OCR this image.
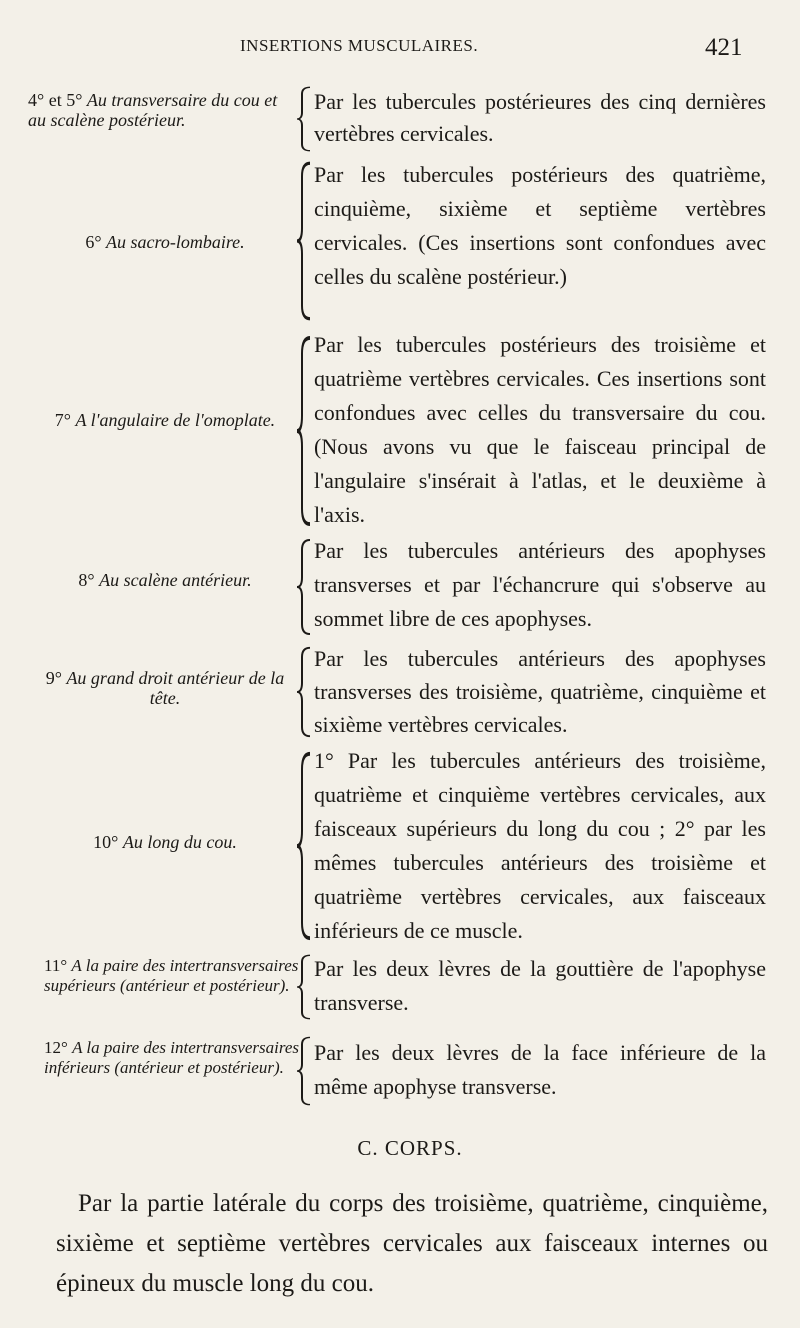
INSERTIONS MUSCULAIRES.	421
4° et 5° Au transversaire du cou et au scalène postérieur.
Par les tubercules postérieures des cinq dernières vertèbres cervicales.
6° Au sacro-lombaire.
Par les tubercules postérieurs des quatrième, cinquième, sixième et septième vertèbres cervicales. (Ces insertions sont confondues avec celles du scalène postérieur.)
7° A l'angulaire de l'omoplate.
Par les tubercules postérieurs des troisième et quatrième vertèbres cervicales. Ces insertions sont confondues avec celles du transversaire du cou. (Nous avons vu que le faisceau principal de l'angulaire s'insérait à l'atlas, et le deuxième à l'axis.
8° Au scalène antérieur.
Par les tubercules antérieurs des apophyses transverses et par l'échancrure qui s'observe au sommet libre de ces apophyses.
9° Au grand droit antérieur de la tête.
Par les tubercules antérieurs des apophyses transverses des troisième, quatrième, cinquième et sixième vertèbres cervicales.
10° Au long du cou.
1° Par les tubercules antérieurs des troisième, quatrième et cinquième vertèbres cervicales, aux faisceaux supérieurs du long du cou ; 2° par les mêmes tubercules antérieurs des troisième et quatrième vertèbres cervicales, aux faisceaux inférieurs de ce muscle.
11° A la paire des intertransversaires supérieurs (antérieur et postérieur).
Par les deux lèvres de la gouttière de l'apophyse transverse.
12° A la paire des intertransversaires inférieurs (antérieur et postérieur).
Par les deux lèvres de la face inférieure de la même apophyse transverse.
C. CORPS.
Par la partie latérale du corps des troisième, quatrième, cinquième, sixième et septième vertèbres cervicales aux faisceaux internes ou épineux du muscle long du cou.
